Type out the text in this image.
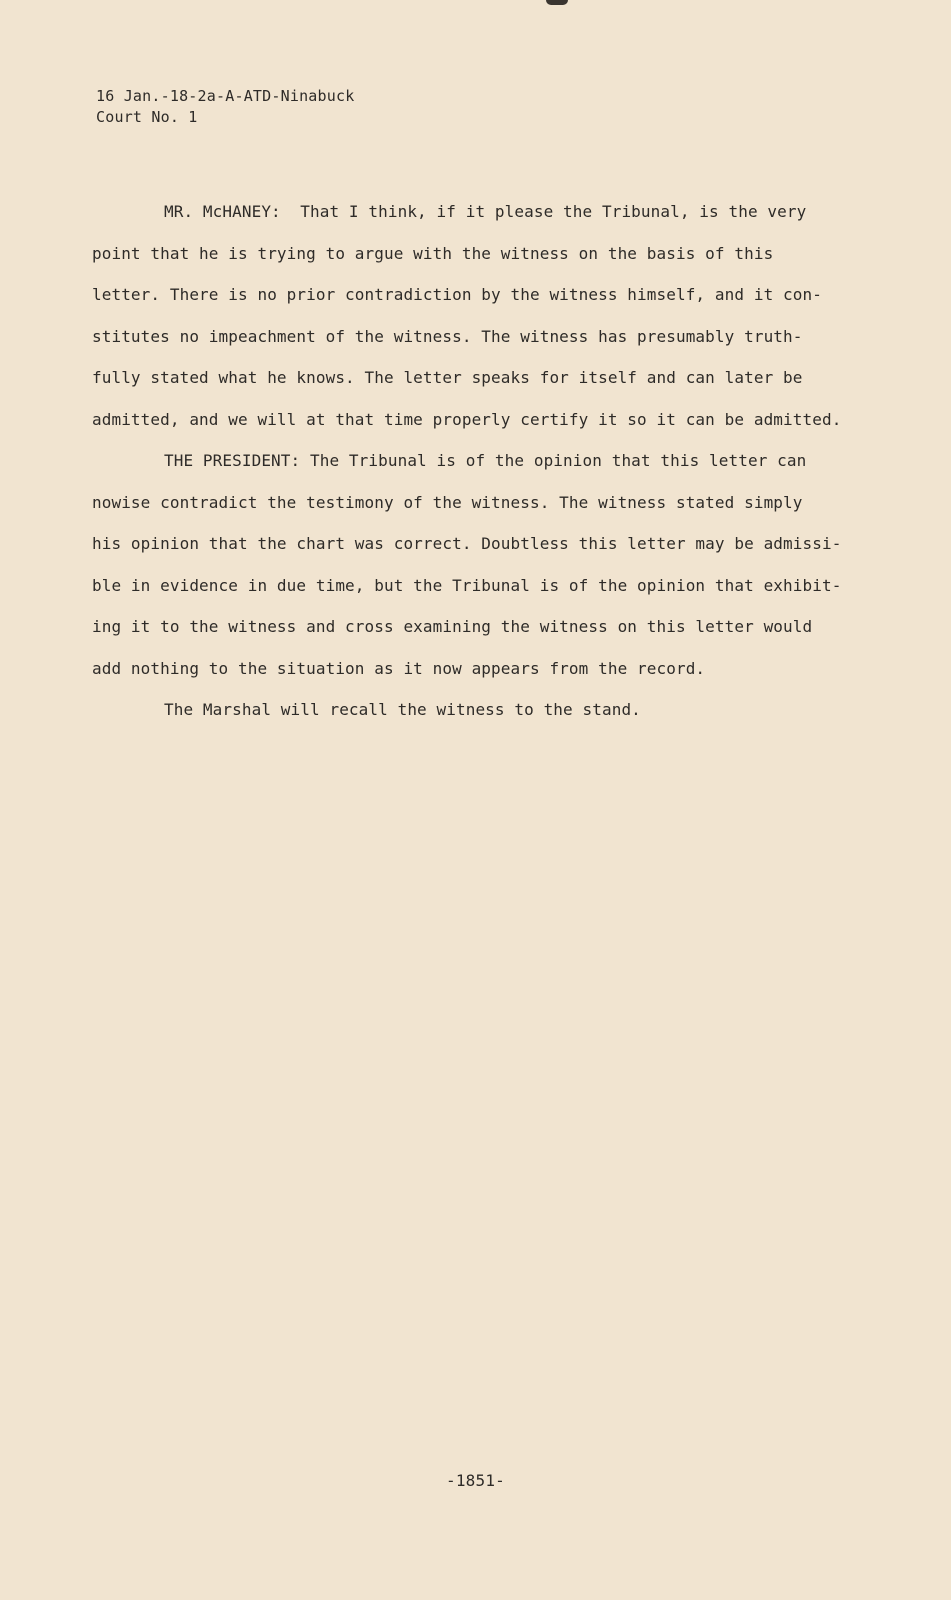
16 Jan.-18-2a-A-ATD-Ninabuck
Court No. 1
MR. McHANEY:  That I think, if it please the Tribunal, is the very
point that he is trying to argue with the witness on the basis of this
letter. There is no prior contradiction by the witness himself, and it con-
stitutes no impeachment of the witness. The witness has presumably truth-
fully stated what he knows. The letter speaks for itself and can later be
admitted, and we will at that time properly certify it so it can be admitted.
THE PRESIDENT: The Tribunal is of the opinion that this letter can
nowise contradict the testimony of the witness. The witness stated simply
his opinion that the chart was correct. Doubtless this letter may be admissi-
ble in evidence in due time, but the Tribunal is of the opinion that exhibit-
ing it to the witness and cross examining the witness on this letter would
add nothing to the situation as it now appears from the record.
The Marshal will recall the witness to the stand.
-1851-
